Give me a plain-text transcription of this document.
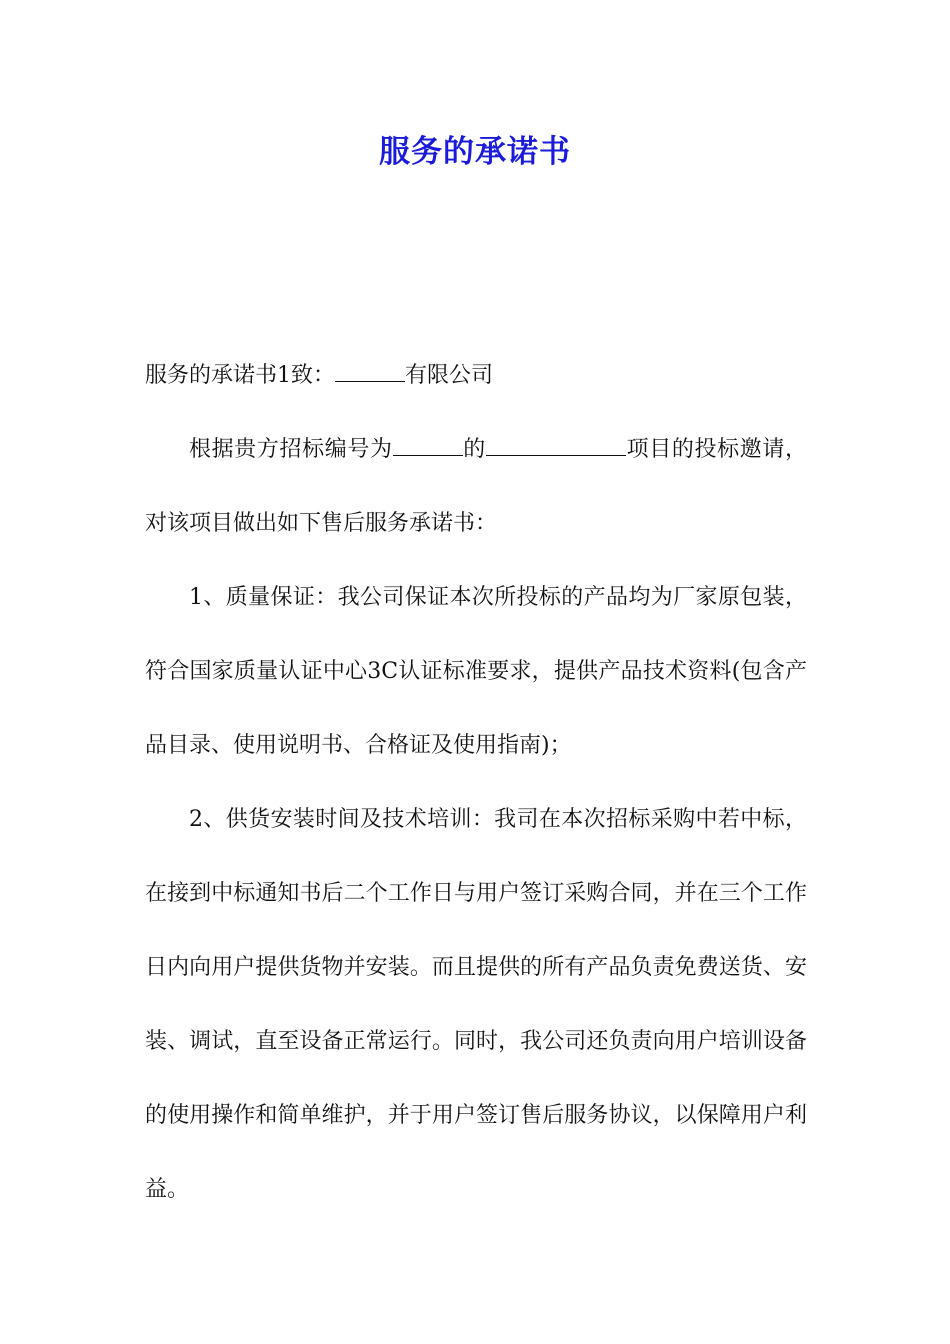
服务的承诺书

服务的承诺书1致：	有限公司

根据贵方招标编号为	的	项目的投标邀请，对该项目做出如下售后服务承诺书：

1、质量保证：我公司保证本次所投标的产品均为厂家原包装，符合国家质量认证中心3C认证标准要求，提供产品技术资料(包含产品目录、使用说明书、合格证及使用指南)；

2、供货安装时间及技术培训：我司在本次招标采购中若中标，在接到中标通知书后二个工作日与用户签订采购合同，并在三个工作日内向用户提供货物并安装。而且提供的所有产品负责免费送货、安装、调试，直至设备正常运行。同时，我公司还负责向用户培训设备的使用操作和简单维护，并于用户签订售后服务协议，以保障用户利益。
